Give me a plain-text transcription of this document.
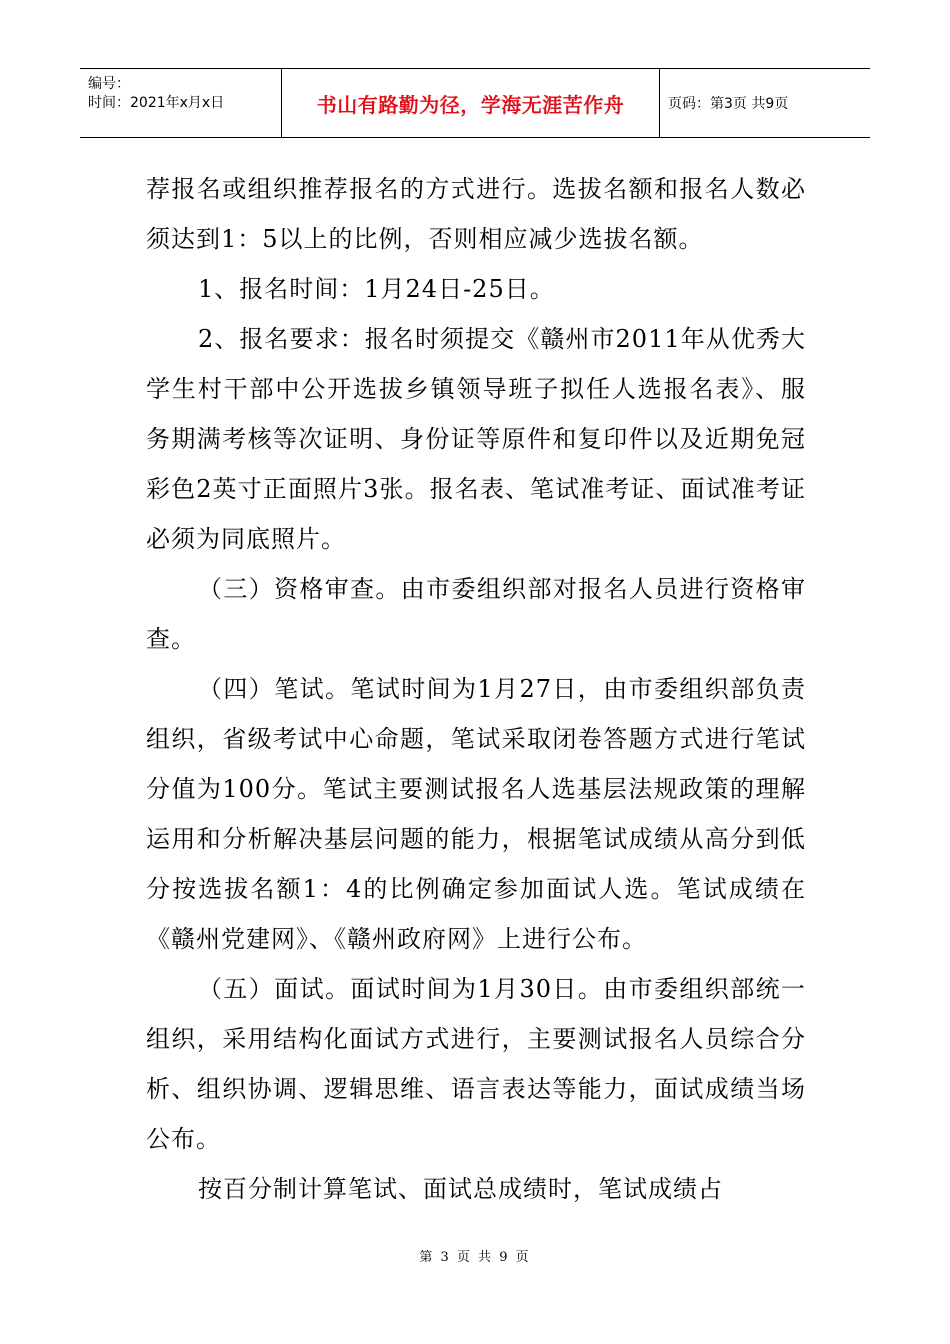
编号：
时间：2021年x月x日	书山有路勤为径，学海无涯苦作舟	页码：第3页 共9页

荐报名或组织推荐报名的方式进行。选拔名额和报名人数必须达到1：5以上的比例，否则相应减少选拔名额。

1、报名时间：1月24日-25日。

2、报名要求：报名时须提交《赣州市2011年从优秀大学生村干部中公开选拔乡镇领导班子拟任人选报名表》、服务期满考核等次证明、身份证等原件和复印件以及近期免冠彩色2英寸正面照片3张。报名表、笔试准考证、面试准考证必须为同底照片。

（三）资格审查。由市委组织部对报名人员进行资格审查。

（四）笔试。笔试时间为1月27日，由市委组织部负责组织，省级考试中心命题，笔试采取闭卷答题方式进行笔试分值为100分。笔试主要测试报名人选基层法规政策的理解运用和分析解决基层问题的能力，根据笔试成绩从高分到低分按选拔名额1：4的比例确定参加面试人选。笔试成绩在《赣州党建网》、《赣州政府网》上进行公布。

（五）面试。面试时间为1月30日。由市委组织部统一组织，采用结构化面试方式进行，主要测试报名人员综合分析、组织协调、逻辑思维、语言表达等能力，面试成绩当场公布。

按百分制计算笔试、面试总成绩时，笔试成绩占

第 3 页 共 9 页
